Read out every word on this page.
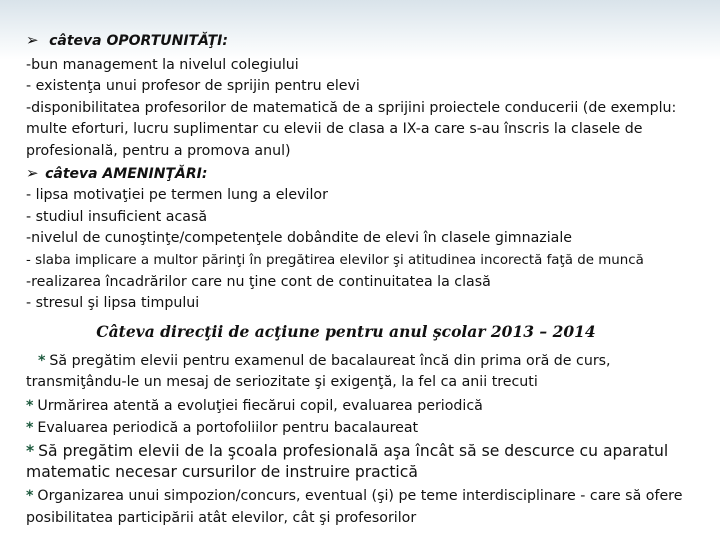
➢ câteva OPORTUNITĂŢI:
-bun management la nivelul colegiului
- existenţa unui profesor de sprijin pentru elevi
-disponibilitatea profesorilor de matematică de a sprijini proiectele conducerii (de exemplu: multe eforturi, lucru suplimentar cu elevii de clasa a IX-a care s-au înscris la clasele de profesională, pentru a promova anul)
➢ câteva AMENINŢĂRI:
- lipsa motivaţiei pe termen lung a elevilor
- studiul insuficient acasă
-nivelul de cunoştinţe/competenţele dobândite de elevi în clasele gimnaziale
- slaba implicare a multor părinţi în pregătirea elevilor şi atitudinea incorectă faţă de muncă
-realizarea încadrărilor care nu ţine cont de continuitatea la clasă
- stresul şi lipsa timpului
Câteva direcţii de acţiune pentru anul şcolar 2013 – 2014
* Să pregătim elevii pentru examenul de bacalaureat încă din prima oră de curs, transmiţându-le un mesaj de seriozitate şi exigenţă, la fel ca anii trecuti
* Urmărirea atentă a evoluţiei fiecărui copil, evaluarea periodică
* Evaluarea periodică a portofoliilor pentru bacalaureat
* Să pregătim elevii de la şcoala profesională aşa încât să se descurce cu aparatul matematic necesar cursurilor de instruire practică
* Organizarea unui simpozion/concurs, eventual (şi) pe teme interdisciplinare - care să ofere posibilitatea participării atât elevilor, cât şi profesorilor
